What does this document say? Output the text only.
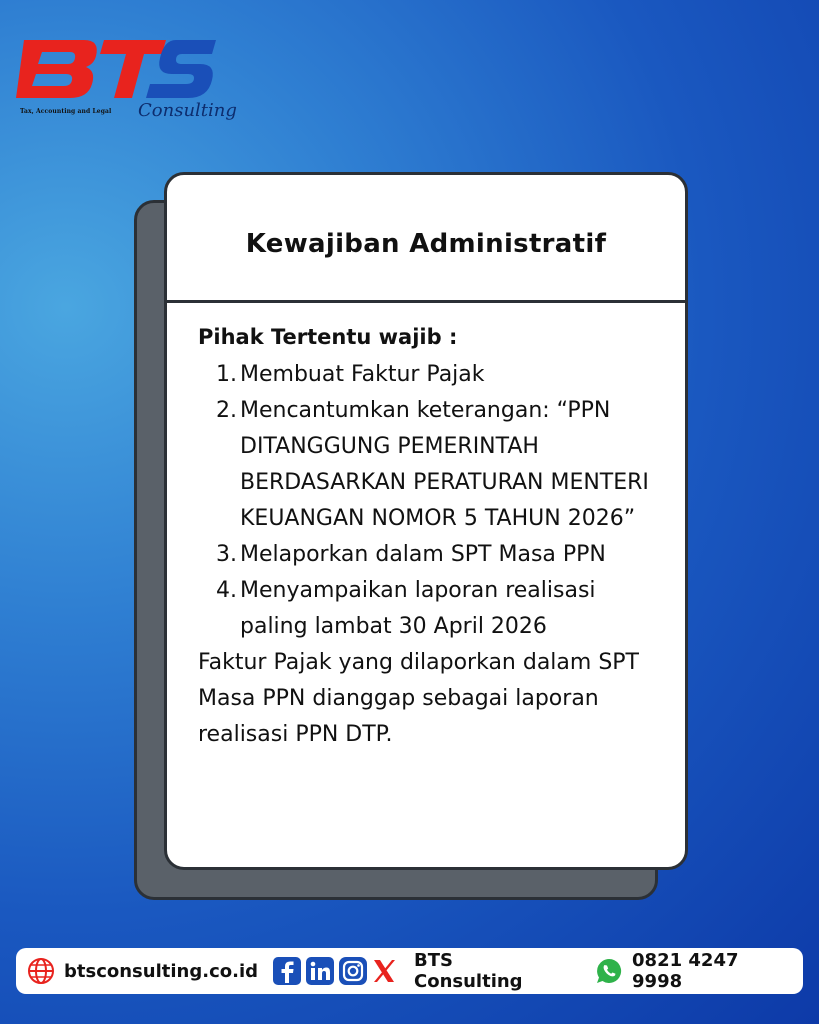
Tax, Accounting and Legal Consulting
Kewajiban Administratif
Pihak Tertentu wajib :
1. Membuat Faktur Pajak
2. Mencantumkan keterangan: “PPN DITANGGUNG PEMERINTAH BERDASARKAN PERATURAN MENTERI KEUANGAN NOMOR 5 TAHUN 2026”
3. Melaporkan dalam SPT Masa PPN
4. Menyampaikan laporan realisasi paling lambat 30 April 2026
Faktur Pajak yang dilaporkan dalam SPT Masa PPN dianggap sebagai laporan realisasi PPN DTP.
btsconsulting.co.id	BTS Consulting
0821 4247 9998
